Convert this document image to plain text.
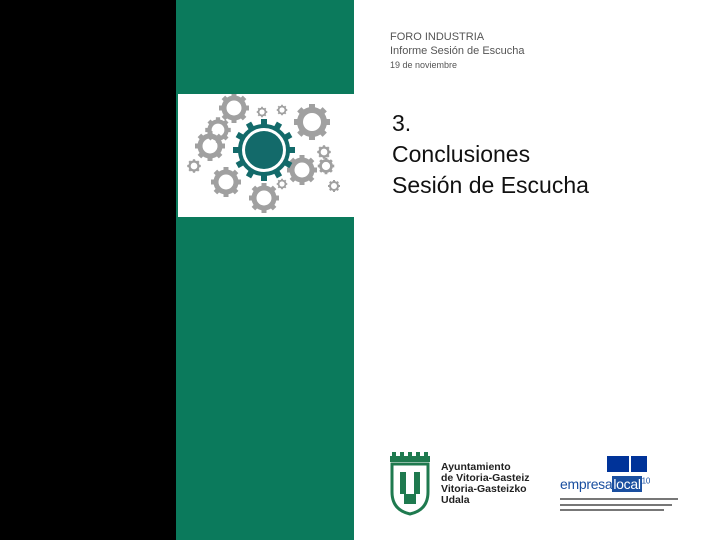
FORO INDUSTRIA
Informe Sesión de Escucha
19 de noviembre
3.
Conclusiones
Sesión de Escucha
Ayuntamiento
de Vitoria-Gasteiz
Vitoria-Gasteizko
Udala
empresalocal$^{10}$
